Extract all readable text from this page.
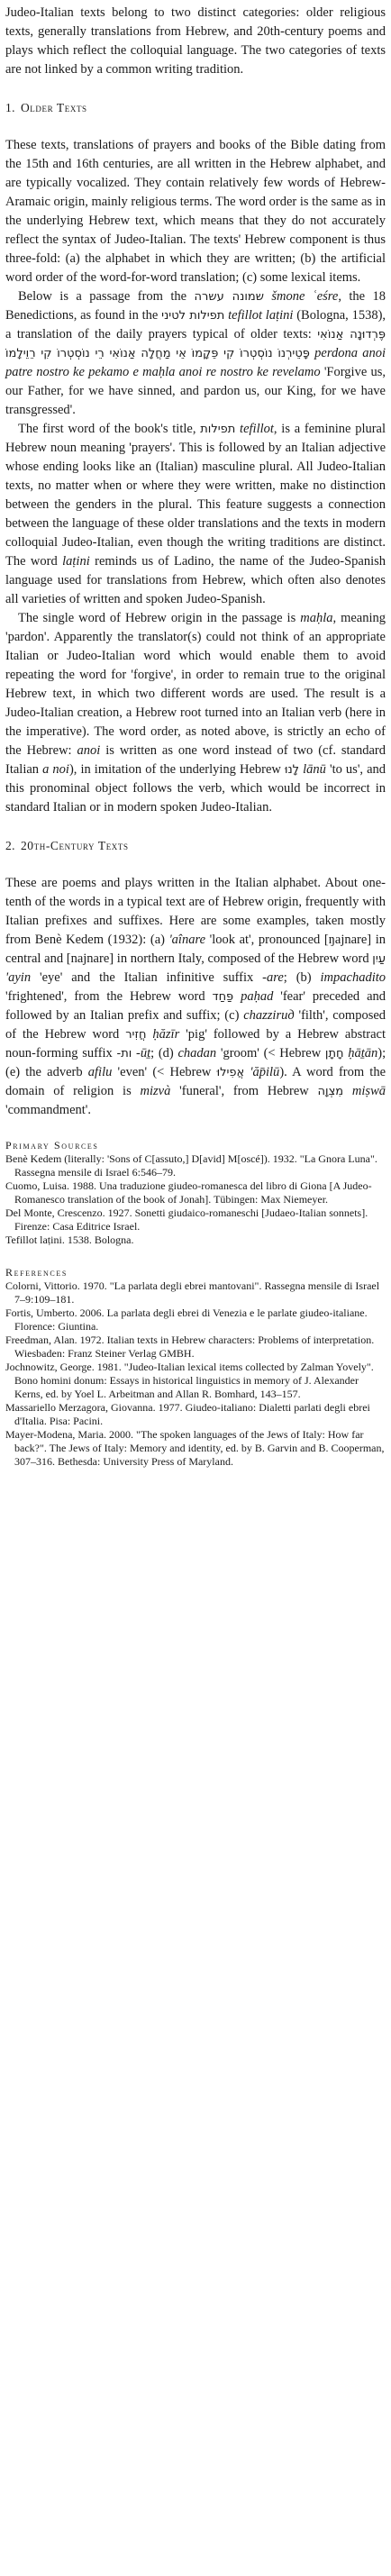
Judeo-Italian texts belong to two distinct categories: older religious texts, generally translations from Hebrew, and 20th-century poems and plays which reflect the colloquial language. The two categories of texts are not linked by a common writing tradition.

1. Older Texts

These texts, translations of prayers and books of the Bible dating from the 15th and 16th centuries, are all written in the Hebrew alphabet, and are typically vocalized. They contain relatively few words of Hebrew-Aramaic origin, mainly religious terms. The word order is the same as in the underlying Hebrew text, which means that they do not accurately reflect the syntax of Judeo-Italian. The texts' Hebrew component is thus three-fold: (a) the alphabet in which they are written; (b) the artificial word order of the word-for-word translation; (c) some lexical items.

Below is a passage from the שמונה עשרה šmone ʿeśre, the 18 Benedictions, as found in the תפילות לטיני tefillot laṭini (Bologna, 1538), a translation of the daily prayers typical of older texts: פֶּרְדוּנָה אַנוֹאִי פָּטֵירְנוֹ נוֹסְטְרוֹ קִי פֵּקָמוֹ אֵי מַחֲלָה אַנוֹאִי רֵי נוֹסְטְרוֹ קִי רֵוֵילָמוֹ perdona anoi patre nostro ke pekamo e maḥla anoi re nostro ke revelamo 'Forgive us, our Father, for we have sinned, and pardon us, our King, for we have transgressed'.

The first word of the book's title, תפילות tefillot, is a feminine plural Hebrew noun meaning 'prayers'. This is followed by an Italian adjective whose ending looks like an (Italian) masculine plural. All Judeo-Italian texts, no matter when or where they were written, make no distinction between the genders in the plural. This feature suggests a connection between the language of these older translations and the texts in modern colloquial Judeo-Italian, even though the writing traditions are distinct. The word laṭini reminds us of Ladino, the name of the Judeo-Spanish language used for translations from Hebrew, which often also denotes all varieties of written and spoken Judeo-Spanish.

The single word of Hebrew origin in the passage is maḥla, meaning 'pardon'. Apparently the translator(s) could not think of an appropriate Italian or Judeo-Italian word which would enable them to avoid repeating the word for 'forgive', in order to remain true to the original Hebrew text, in which two different words are used. The result is a Judeo-Italian creation, a Hebrew root turned into an Italian verb (here in the imperative). The word order, as noted above, is strictly an echo of the Hebrew: anoi is written as one word instead of two (cf. standard Italian a noi), in imitation of the underlying Hebrew לָנוּ lānū 'to us', and this pronominal object follows the verb, which would be incorrect in standard Italian or in modern spoken Judeo-Italian.

2. 20th-Century Texts

These are poems and plays written in the Italian alphabet. About one-tenth of the words in a typical text are of Hebrew origin, frequently with Italian prefixes and suffixes. Here are some examples, taken mostly from Benè Kedem (1932): (a) 'aînare 'look at', pronounced [ŋajnare] in central and [najnare] in northern Italy, composed of the Hebrew word עַיִן 'ayin 'eye' and the Italian infinitive suffix -are; (b) impachadito 'frightened', from the Hebrew word פַּחַד paḥad 'fear' preceded and followed by an Italian prefix and suffix; (c) chazziruд 'filth', composed of the Hebrew word חֲזִיר ḥăzīr 'pig' followed by a Hebrew abstract noun-forming suffix ות- -ūṯ; (d) chadan 'groom' (< Hebrew חָתָן ḥāṯān); (e) the adverb afilu 'even' (< Hebrew אֲפִילוּ 'ăp̄ilū). A word from the domain of religion is mizvà 'funeral', from Hebrew מִצְוָה miṣwā 'commandment'.

Primary Sources

Benè Kedem (literally: 'Sons of C[assuto,] D[avid] M[oscé]). 1932. "La Gnora Luna". Rassegna mensile di Israel 6:546–79.

Cuomo, Luisa. 1988. Una traduzione giudeo-romanesca del libro di Giona [A Judeo-Romanesco translation of the book of Jonah]. Tübingen: Max Niemeyer.

Del Monte, Crescenzo. 1927. Sonetti giudaico-romaneschi [Judaeo-Italian sonnets]. Firenze: Casa Editrice Israel.

Tefillot laṭini. 1538. Bologna.

References

Colorni, Vittorio. 1970. "La parlata degli ebrei mantovani". Rassegna mensile di Israel 7–9:109–181.

Fortis, Umberto. 2006. La parlata degli ebrei di Venezia e le parlate giudeo-italiane. Florence: Giuntina.

Freedman, Alan. 1972. Italian texts in Hebrew characters: Problems of interpretation. Wiesbaden: Franz Steiner Verlag GMBH.

Jochnowitz, George. 1981. "Judeo-Italian lexical items collected by Zalman Yovely". Bono homini donum: Essays in historical linguistics in memory of J. Alexander Kerns, ed. by Yoel L. Arbeitman and Allan R. Bomhard, 143–157.

Massariello Merzagora, Giovanna. 1977. Giudeo-italiano: Dialetti parlati degli ebrei d'Italia. Pisa: Pacini.

Mayer-Modena, Maria. 2000. "The spoken languages of the Jews of Italy: How far back?". The Jews of Italy: Memory and identity, ed. by B. Garvin and B. Cooperman, 307–316. Bethesda: University Press of Maryland.
